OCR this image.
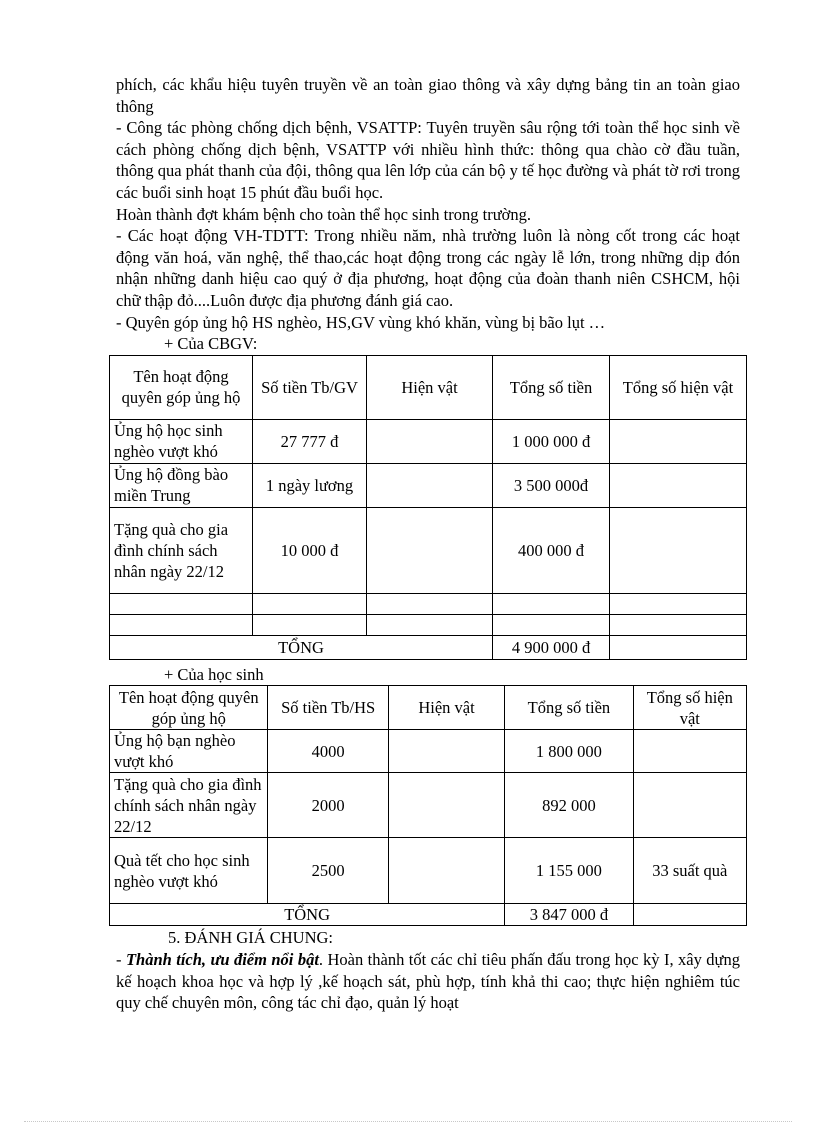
phích, các khẩu hiệu tuyên truyền về an toàn giao thông và xây dựng bảng tin an toàn giao thông

- Công tác phòng chống dịch bệnh, VSATTP: Tuyên truyền sâu rộng tới toàn thể học sinh về cách phòng chống dịch bệnh, VSATTP với nhiều hình thức: thông qua chào cờ đầu tuần, thông qua phát thanh của đội, thông qua lên lớp của cán bộ y tế học đường và phát tờ rơi trong các buổi sinh hoạt 15 phút đầu buổi học.

Hoàn thành đợt khám bệnh cho toàn thể học sinh trong trường.

- Các hoạt động VH-TDTT: Trong nhiều năm, nhà trường luôn là nòng cốt trong các hoạt động văn hoá, văn nghệ, thể thao,các hoạt động trong các ngày lễ lớn, trong những dịp đón nhận những danh hiệu cao quý ở địa phương, hoạt động của đoàn thanh niên CSHCM, hội chữ thập đỏ....Luôn được địa phương đánh giá cao.

- Quyên góp ủng hộ HS nghèo, HS,GV vùng khó khăn, vùng bị bão lụt …

+ Của CBGV:

Tên hoạt động quyên góp ủng hộ	Số tiền Tb/GV	Hiện vật	Tổng số tiền	Tổng số hiện vật
Ủng hộ học sinh nghèo vượt khó	27 777 đ		1 000 000 đ	
Ủng hộ đồng bào miền Trung	1 ngày lương		3 500 000đ	
Tặng quà cho gia đình chính sách nhân ngày 22/12	10 000 đ		400 000 đ	

TỔNG			4 900 000 đ	

+ Của học sinh

Tên hoạt động quyên góp ủng hộ	Số tiền Tb/HS	Hiện vật	Tổng số tiền	Tổng số hiện vật
Ủng hộ bạn nghèo vượt khó	4000		1 800 000	
Tặng quà cho gia đình chính sách nhân ngày 22/12	2000		892 000	
Quà tết cho học sinh nghèo vượt khó	2500		1 155 000	33 suất quà
TỔNG			3 847 000 đ	

5. ĐÁNH GIÁ CHUNG:

- Thành tích, ưu điểm nổi bật. Hoàn thành tốt các chỉ tiêu phấn đấu trong học kỳ I, xây dựng kế hoạch khoa học và hợp lý ,kế hoạch sát, phù hợp, tính khả thi cao; thực hiện nghiêm túc quy chế chuyên môn, công tác chỉ đạo, quản lý hoạt
